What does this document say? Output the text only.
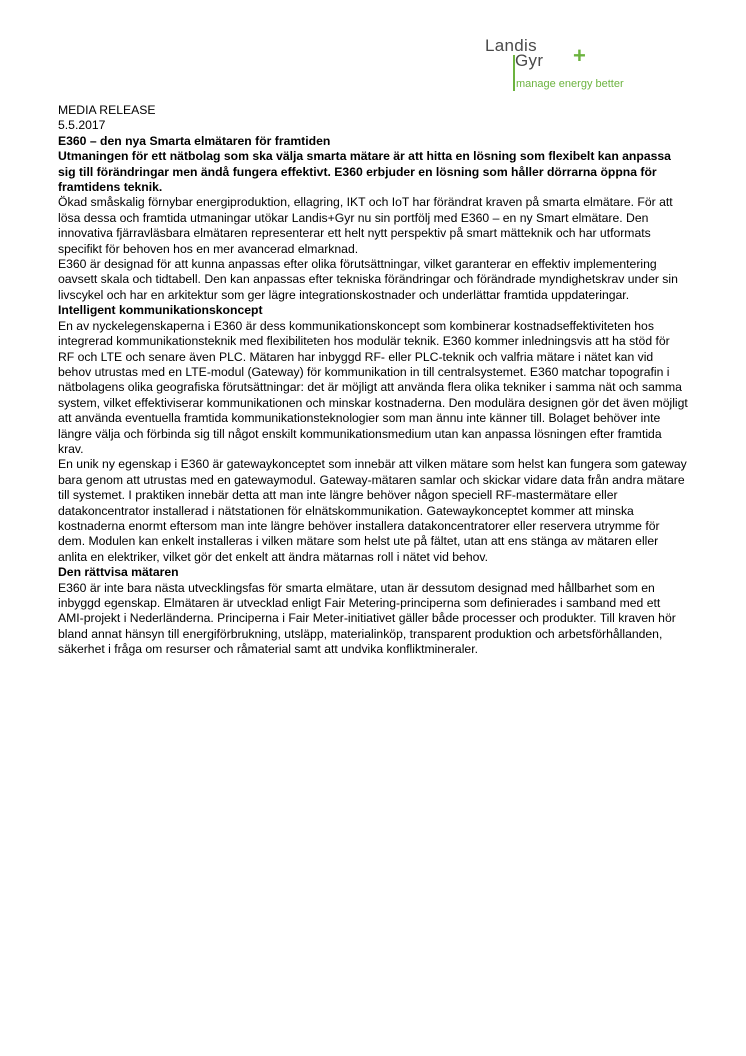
Landis
Gyr +
manage energy better

MEDIA RELEASE

5.5.2017

E360 – den nya Smarta elmätaren för framtiden

Utmaningen för ett nätbolag som ska välja smarta mätare är att hitta en lösning som flexibelt kan anpassa sig till förändringar men ändå fungera effektivt. E360 erbjuder en lösning som håller dörrarna öppna för framtidens teknik.

Ökad småskalig förnybar energiproduktion, ellagring, IKT och IoT har förändrat kraven på smarta elmätare. För att lösa dessa och framtida utmaningar utökar Landis+Gyr nu sin portfölj med E360 – en ny Smart elmätare. Den innovativa fjärravläsbara elmätaren representerar ett helt nytt perspektiv på smart mätteknik och har utformats specifikt för behoven hos en mer avancerad elmarknad.

E360 är designad för att kunna anpassas efter olika förutsättningar, vilket garanterar en effektiv implementering oavsett skala och tidtabell. Den kan anpassas efter tekniska förändringar och förändrade myndighetskrav under sin livscykel och har en arkitektur som ger lägre integrationskostnader och underlättar framtida uppdateringar.

Intelligent kommunikationskoncept

En av nyckelegenskaperna i E360 är dess kommunikationskoncept som kombinerar kostnadseffektiviteten hos integrerad kommunikationsteknik med flexibiliteten hos modulär teknik. E360 kommer inledningsvis att ha stöd för RF och LTE och senare även PLC. Mätaren har inbyggd RF- eller PLC-teknik och valfria mätare i nätet kan vid behov utrustas med en LTE-modul (Gateway) för kommunikation in till centralsystemet. E360 matchar topografin i nätbolagens olika geografiska förutsättningar: det är möjligt att använda flera olika tekniker i samma nät och samma system, vilket effektiviserar kommunikationen och minskar kostnaderna. Den modulära designen gör det även möjligt att använda eventuella framtida kommunikationsteknologier som man ännu inte känner till. Bolaget behöver inte längre välja och förbinda sig till något enskilt kommunikationsmedium utan kan anpassa lösningen efter framtida krav.

En unik ny egenskap i E360 är gatewaykonceptet som innebär att vilken mätare som helst kan fungera som gateway bara genom att utrustas med en gatewaymodul. Gateway-mätaren samlar och skickar vidare data från andra mätare till systemet. I praktiken innebär detta att man inte längre behöver någon speciell RF-mastermätare eller datakoncentrator installerad i nätstationen för elnätskommunikation. Gatewaykonceptet kommer att minska kostnaderna enormt eftersom man inte längre behöver installera datakoncentratorer eller reservera utrymme för dem. Modulen kan enkelt installeras i vilken mätare som helst ute på fältet, utan att ens stänga av mätaren eller anlita en elektriker, vilket gör det enkelt att ändra mätarnas roll i nätet vid behov.

Den rättvisa mätaren

E360 är inte bara nästa utvecklingsfas för smarta elmätare, utan är dessutom designad med hållbarhet som en inbyggd egenskap. Elmätaren är utvecklad enligt Fair Metering-principerna som definierades i samband med ett AMI-projekt i Nederländerna. Principerna i Fair Meter-initiativet gäller både processer och produkter. Till kraven hör bland annat hänsyn till energiförbrukning, utsläpp, materialinköp, transparent produktion och arbetsförhållanden, säkerhet i fråga om resurser och råmaterial samt att undvika konfliktmineraler.
